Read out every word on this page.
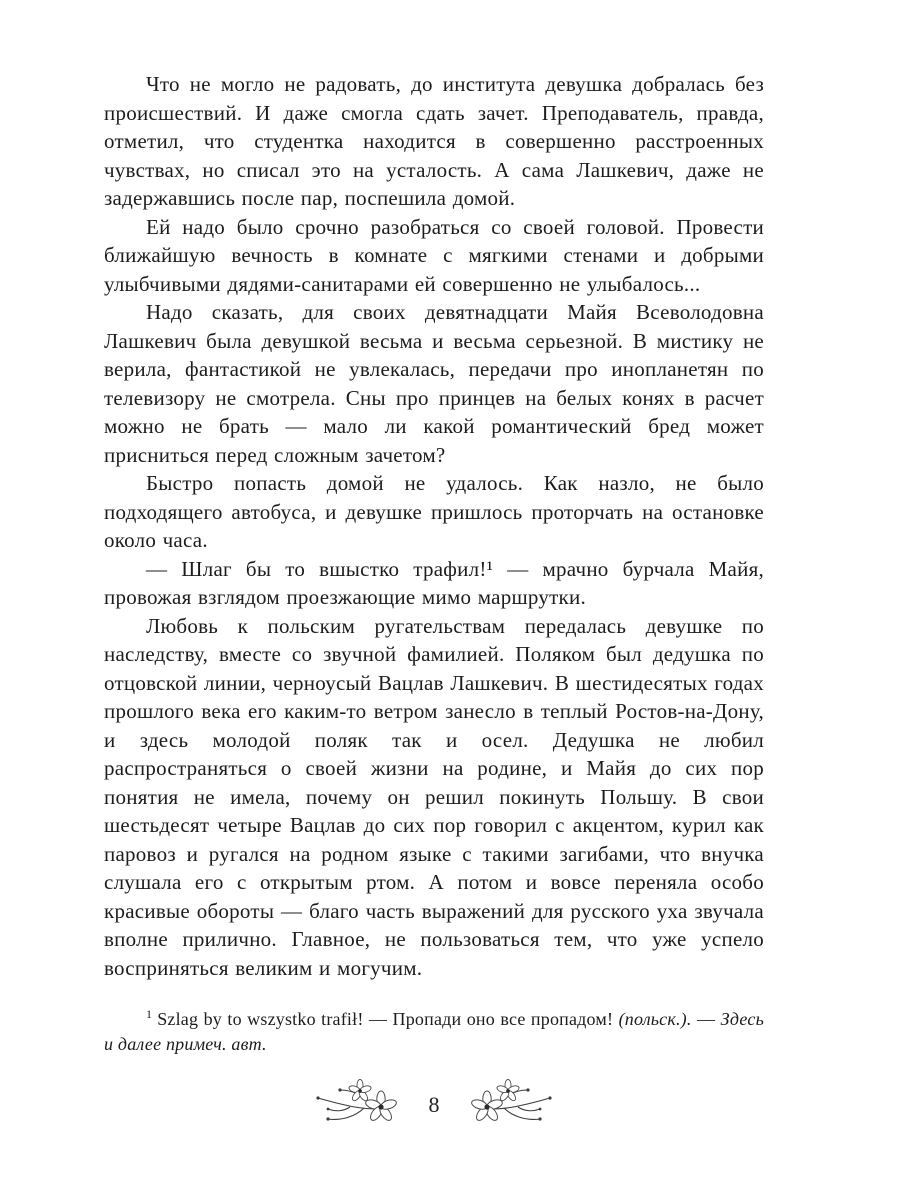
Что не могло не радовать, до института девушка добралась без происшествий. И даже смогла сдать зачет. Преподаватель, правда, отметил, что студентка находится в совершенно расстроенных чувствах, но списал это на усталость. А сама Лашкевич, даже не задержавшись после пар, поспешила домой.

Ей надо было срочно разобраться со своей головой. Провести ближайшую вечность в комнате с мягкими стенами и добрыми улыбчивыми дядями-санитарами ей совершенно не улыбалось...

Надо сказать, для своих девятнадцати Майя Всеволодовна Лашкевич была девушкой весьма и весьма серьезной. В мистику не верила, фантастикой не увлекалась, передачи про инопланетян по телевизору не смотрела. Сны про принцев на белых конях в расчет можно не брать — мало ли какой романтический бред может присниться перед сложным зачетом?

Быстро попасть домой не удалось. Как назло, не было подходящего автобуса, и девушке пришлось проторчать на остановке около часа.

— Шлаг бы то вшыстко трафил!¹ — мрачно бурчала Майя, провожая взглядом проезжающие мимо маршрутки.

Любовь к польским ругательствам передалась девушке по наследству, вместе со звучной фамилией. Поляком был дедушка по отцовской линии, черноусый Вацлав Лашкевич. В шестидесятых годах прошлого века его каким-то ветром занесло в теплый Ростов-на-Дону, и здесь молодой поляк так и осел. Дедушка не любил распространяться о своей жизни на родине, и Майя до сих пор понятия не имела, почему он решил покинуть Польшу. В свои шестьдесят четыре Вацлав до сих пор говорил с акцентом, курил как паровоз и ругался на родном языке с такими загибами, что внучка слушала его с открытым ртом. А потом и вовсе переняла особо красивые обороты — благо часть выражений для русского уха звучала вполне прилично. Главное, не пользоваться тем, что уже успело восприняться великим и могучим.

$^1$ Szlag by to wszystko trafił! — Пропади оно все пропадом! (польск.). — Здесь и далее примеч. авт.
8
